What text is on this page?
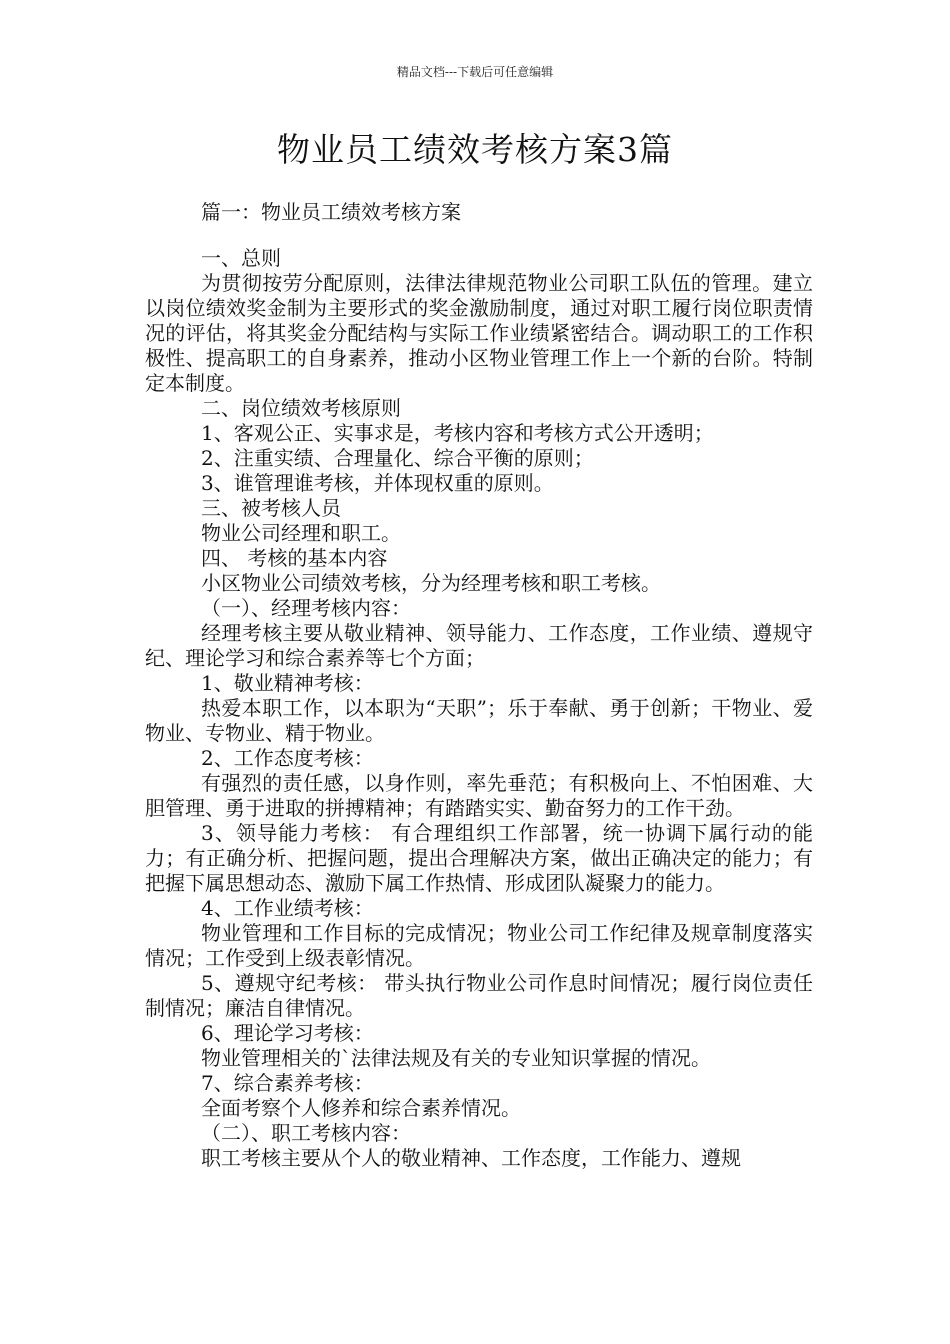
精品文档---下载后可任意编辑
物业员工绩效考核方案3篇
篇一：物业员工绩效考核方案

一、总则

为贯彻按劳分配原则，法律法律规范物业公司职工队伍的管理。建立以岗位绩效奖金制为主要形式的奖金激励制度，通过对职工履行岗位职责情况的评估，将其奖金分配结构与实际工作业绩紧密结合。调动职工的工作积极性、提高职工的自身素养，推动小区物业管理工作上一个新的台阶。特制定本制度。

二、岗位绩效考核原则

1、客观公正、实事求是，考核内容和考核方式公开透明；

2、注重实绩、合理量化、综合平衡的原则；

3、谁管理谁考核，并体现权重的原则。

三、被考核人员

物业公司经理和职工。

四、 考核的基本内容

小区物业公司绩效考核，分为经理考核和职工考核。

（一）、经理考核内容：

经理考核主要从敬业精神、领导能力、工作态度，工作业绩、遵规守纪、理论学习和综合素养等七个方面；

1、敬业精神考核：

热爱本职工作，以本职为“天职”；乐于奉献、勇于创新；干物业、爱物业、专物业、精于物业。

2、工作态度考核：

有强烈的责任感，以身作则，率先垂范；有积极向上、不怕困难、大胆管理、勇于进取的拼搏精神；有踏踏实实、勤奋努力的工作干劲。

3、领导能力考核： 有合理组织工作部署，统一协调下属行动的能力；有正确分析、把握问题，提出合理解决方案，做出正确决定的能力；有把握下属思想动态、激励下属工作热情、形成团队凝聚力的能力。

4、工作业绩考核：

物业管理和工作目标的完成情况；物业公司工作纪律及规章制度落实情况；工作受到上级表彰情况。

5、遵规守纪考核： 带头执行物业公司作息时间情况；履行岗位责任制情况；廉洁自律情况。

6、理论学习考核：

物业管理相关的`法律法规及有关的专业知识掌握的情况。

7、综合素养考核：

全面考察个人修养和综合素养情况。

（二）、职工考核内容：

职工考核主要从个人的敬业精神、工作态度，工作能力、遵规
